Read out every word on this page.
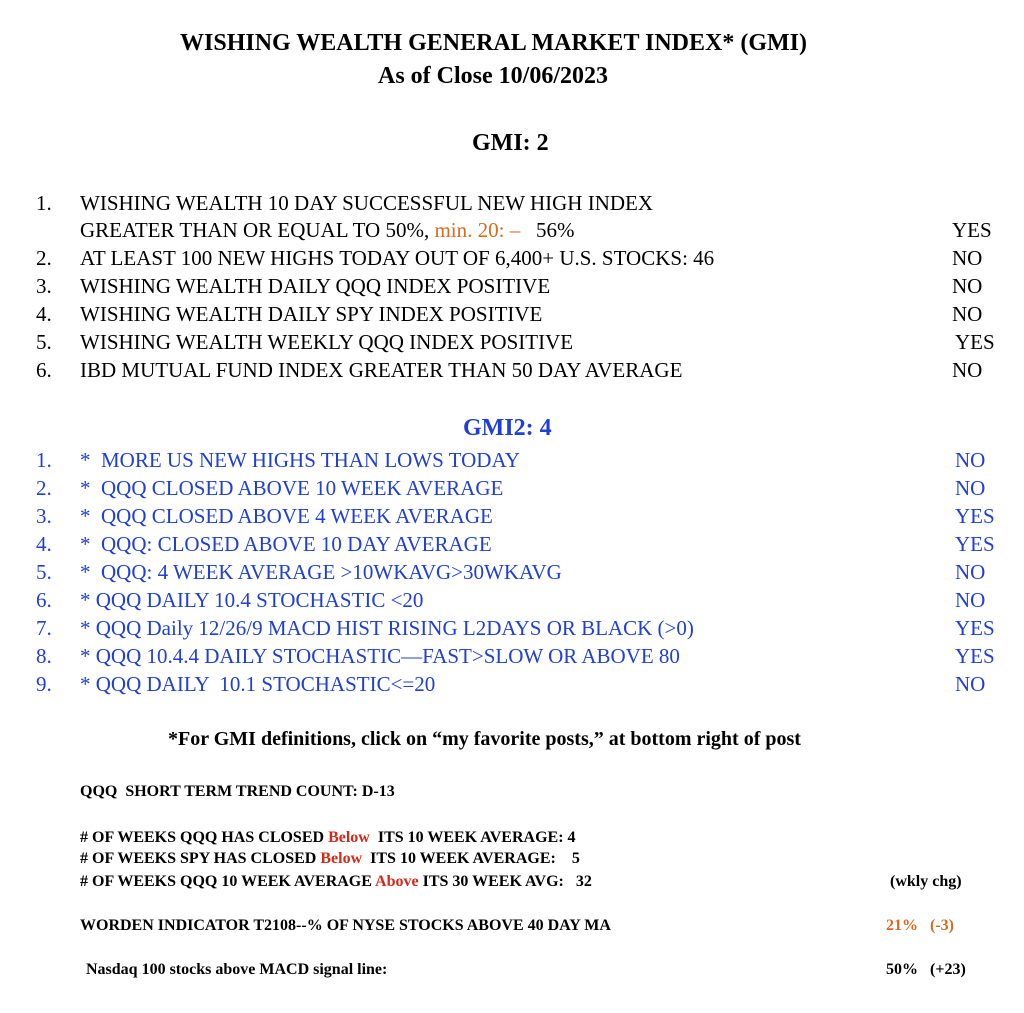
WISHING WEALTH GENERAL MARKET INDEX* (GMI)
As of Close 10/06/2023
GMI: 2
1. WISHING WEALTH 10 DAY SUCCESSFUL NEW HIGH INDEX
GREATER THAN OR EQUAL TO 50%, min. 20: –   56%	YES
2. AT LEAST 100 NEW HIGHS TODAY OUT OF 6,400+ U.S. STOCKS: 46	NO
3. WISHING WEALTH DAILY QQQ INDEX POSITIVE	NO
4. WISHING WEALTH DAILY SPY INDEX POSITIVE	NO
5. WISHING WEALTH WEEKLY QQQ INDEX POSITIVE	YES
6. IBD MUTUAL FUND INDEX GREATER THAN 50 DAY AVERAGE	NO
GMI2: 4
1. *  MORE US NEW HIGHS THAN LOWS TODAY	NO
2. *  QQQ CLOSED ABOVE 10 WEEK AVERAGE	NO
3. *  QQQ CLOSED ABOVE 4 WEEK AVERAGE	YES
4. *  QQQ: CLOSED ABOVE 10 DAY AVERAGE	YES
5. *  QQQ: 4 WEEK AVERAGE >10WKAVG>30WKAVG	NO
6. * QQQ DAILY 10.4 STOCHASTIC <20	NO
7. * QQQ Daily 12/26/9 MACD HIST RISING L2DAYS OR BLACK (>0)	YES
8. * QQQ 10.4.4 DAILY STOCHASTIC—FAST>SLOW OR ABOVE 80	YES
9. * QQQ DAILY  10.1 STOCHASTIC<=20	NO
*For GMI definitions, click on “my favorite posts,” at bottom right of post
QQQ  SHORT TERM TREND COUNT: D-13
# OF WEEKS QQQ HAS CLOSED Below  ITS 10 WEEK AVERAGE: 4
# OF WEEKS SPY HAS CLOSED Below  ITS 10 WEEK AVERAGE:    5
# OF WEEKS QQQ 10 WEEK AVERAGE Above ITS 30 WEEK AVG:   32	(wkly chg)
WORDEN INDICATOR T2108--% OF NYSE STOCKS ABOVE 40 DAY MA	21%   (-3)
Nasdaq 100 stocks above MACD signal line:	50%   (+23)
